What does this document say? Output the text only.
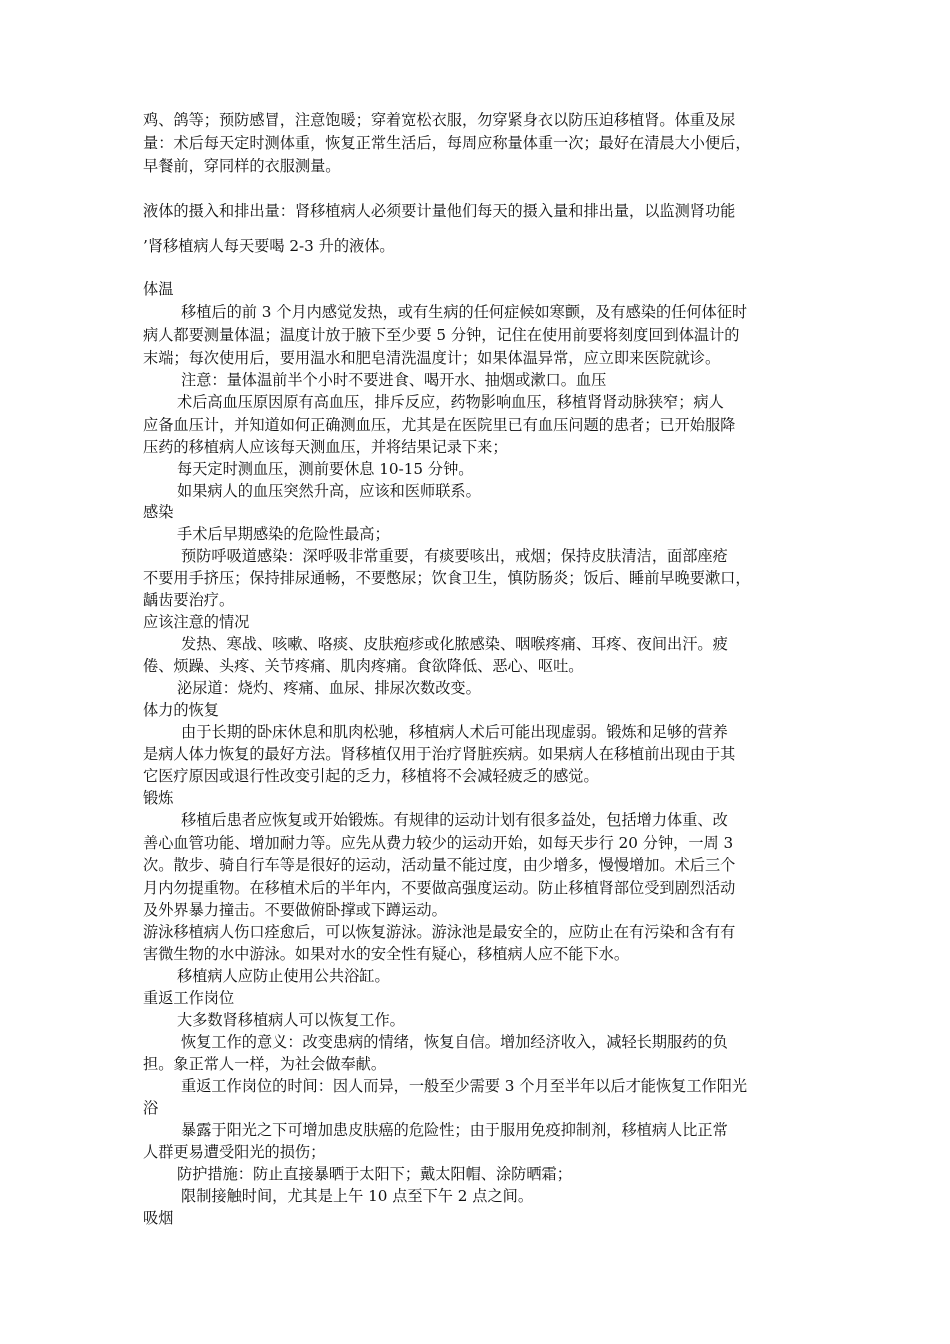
鸡、鸽等；预防感冒，注意饱暖；穿着宽松衣服，勿穿紧身衣以防压迫移植肾。体重及尿
量：术后每天定时测体重，恢复正常生活后，每周应称量体重一次；最好在清晨大小便后，
早餐前，穿同样的衣服测量。
液体的摄入和排出量：肾移植病人必须要计量他们每天的摄入量和排出量，以监测肾功能
’肾移植病人每天要喝 2-3 升的液体。
体温
移植后的前 3 个月内感觉发热，或有生病的任何症候如寒颤，及有感染的任何体征时
病人都要测量体温；温度计放于腋下至少要 5 分钟，记住在使用前要将刻度回到体温计的
末端；每次使用后，要用温水和肥皂清洗温度计；如果体温异常，应立即来医院就诊。
注意：量体温前半个小时不要进食、喝开水、抽烟或漱口。血压
术后高血压原因原有高血压，排斥反应，药物影响血压，移植肾肾动脉狭窄；病人
应备血压计，并知道如何正确测血压，尤其是在医院里已有血压问题的患者；已开始服降
压药的移植病人应该每天测血压，并将结果记录下来；
每天定时测血压，测前要休息 10-15 分钟。
如果病人的血压突然升高，应该和医师联系。
感染
手术后早期感染的危险性最高；
预防呼吸道感染：深呼吸非常重要，有痰要咳出，戒烟；保持皮肤清洁，面部座疮
不要用手挤压；保持排尿通畅，不要憋尿；饮食卫生，慎防肠炎；饭后、睡前早晚要漱口，
龋齿要治疗。
应该注意的情况
发热、寒战、咳嗽、咯痰、皮肤疱疹或化脓感染、咽喉疼痛、耳疼、夜间出汗。疲
倦、烦躁、头疼、关节疼痛、肌肉疼痛。食欲降低、恶心、呕吐。
泌尿道：烧灼、疼痛、血尿、排尿次数改变。
体力的恢复
由于长期的卧床休息和肌肉松驰，移植病人术后可能出现虚弱。锻炼和足够的营养
是病人体力恢复的最好方法。肾移植仅用于治疗肾脏疾病。如果病人在移植前出现由于其
它医疗原因或退行性改变引起的乏力，移植将不会减轻疲乏的感觉。
锻炼
移植后患者应恢复或开始锻炼。有规律的运动计划有很多益处，包括增力体重、改
善心血管功能、增加耐力等。应先从费力较少的运动开始，如每天步行 20 分钟，一周 3
次。散步、骑自行车等是很好的运动，活动量不能过度，由少增多，慢慢增加。术后三个
月内勿提重物。在移植术后的半年内，不要做高强度运动。防止移植肾部位受到剧烈活动
及外界暴力撞击。不要做俯卧撑或下蹲运动。
游泳移植病人伤口痊愈后，可以恢复游泳。游泳池是最安全的，应防止在有污染和含有有
害微生物的水中游泳。如果对水的安全性有疑心，移植病人应不能下水。
移植病人应防止使用公共浴缸。
重返工作岗位
大多数肾移植病人可以恢复工作。
恢复工作的意义：改变患病的情绪，恢复自信。增加经济收入，减轻长期服药的负
担。象正常人一样，为社会做奉献。
重返工作岗位的时间：因人而异，一般至少需要 3 个月至半年以后才能恢复工作阳光
浴
暴露于阳光之下可增加患皮肤癌的危险性；由于服用免疫抑制剂，移植病人比正常
人群更易遭受阳光的损伤；
防护措施：防止直接暴晒于太阳下；戴太阳帽、涂防晒霜；
限制接触时间，尤其是上午 10 点至下午 2 点之间。
吸烟
